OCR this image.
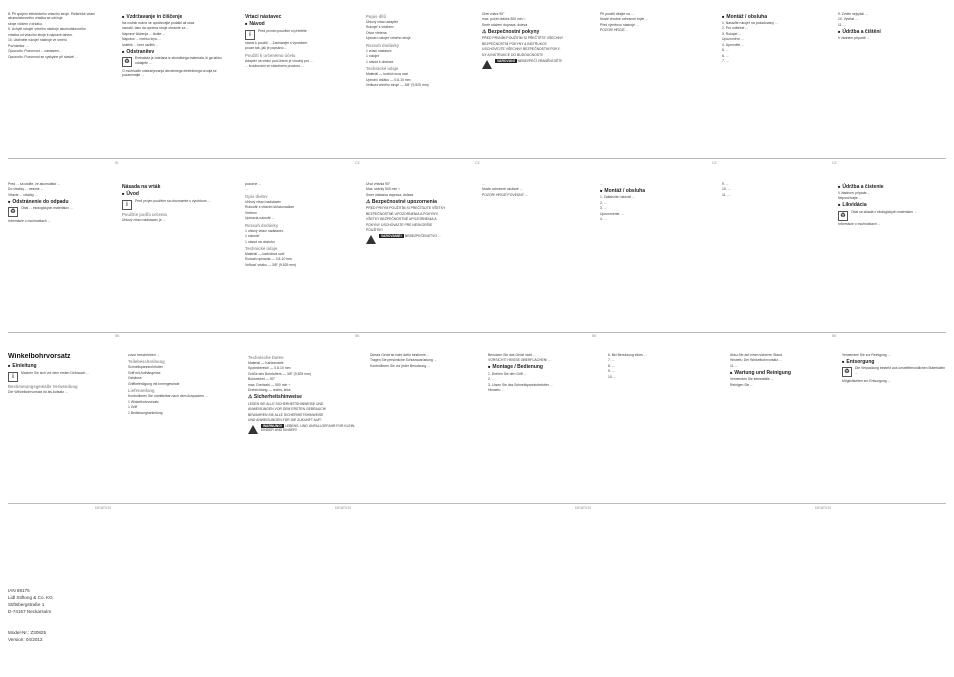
8. Při spojení elektrického vrtacího stroje. Elektrické vrtání akumulátorového vrtačka se udržuje

stroje víčkem v držáku.

9. Uchytit rukojeť vrtného nástroje akumulátorového

vrtačka od vrtacího stroje k nápravě tahem.

10. Utáhněte rukojeť nástroje ve směru

Poznámka: ...

Opozorilo: Pozornost ... nastavení...

Opozorilo: Pozornost se vyskytne při stavbě ...

■ Vzdržavanje in čiščenje

Na vodnik nožne se upoštevajte podatki ali ukaz

navodil, tako da oprema stroje ohraníte za ...

Naprave čiščenja ... čistite ...

Napravo ... mehko krpo ...

Izdelek ... brez razlitih ...

■ Odstranitev
♻

Embalaža je izdelana iz ekološkega materiala, ki ga lahko oddajete ...

O možnostih odstranjevanja iztrošenega električnega orodja se pozanimajte ...

Vrtací nástavec
■ Návod
i

Před prvním použitím si přečtěte

návod k použití ... Zacházejte s výrobkem

pouze tak, jak je popsáno ...

Použití k určenému účelu

Adaptér na vrtání pod úhlem je vhodný pro ...

... šroubování ve stísněném prostoru ...

Popis dílů

Úhlový vrtací adaptér

Rukojeť s vrtákem

Otvor vřetena

Upínací rukojeť vrtného stroje

Rozsah dodávky

1 vrtací nástavec

1 rukojeť

1 návod k obsluze

Technické údaje

Materiál — korbid nová ocel

Upínání držáku — 0,8-10 mm

Velikost vrtného stroje — 3/8" (9,525 mm)

Úhel vrtání 90°

max. počet otáček 500 min⁻¹

Směr otáčení doprava, doleva

⚠ Bezpečnostní pokyny

PŘED PRVNÍM POUŽITÍM SI PŘEČTĚTE VŠECHNY

BEZPEČNOSTNÍ POKYNY A INSTRUKCE

USCHOVEJTE VŠECHNY BEZPEČNOSTNÍ POKY-

NY A INSTRUKCE DO BUDOUCNOSTI!

VAROVÁNÍ NEBEZPEČÍ ZRANĚNÍ DĚTÍ!

Při použití dbejte na ...

Noste vhodné ochranné brýle ...

Před výměnou nástroje ...

POZOR! HROZÍ ...

■ Montáž / obsluha

1. Nasaďte rukojeť na požadovaný ...

2. Pro volitelné ...

3. Rukojeť ...

Upozornění: ...

4. Upevněte ...

5. ...

6. ...

7. ...

9. Zvolte nejvyšší ...

10. Vyvrtat ...

11. ...

■ Údržba a čištění

V žádném případě ...

SI	CZ	CZ	CZ	CZ

Pred ... sa uistite, že akumulátor ...

Do vŕtačky ... nesmie ...

Vŕtacie ... vrtačky ...

■ Odstránenie do odpadu
♻

Obal ... ekologických materiálov ...

Informácie o možnostiach ...

Násada na vrták
■ Úvod
i

Pred prvým použitím sa oboznámte s výrobkom ...

Použitie podľa určenia

Uhlový vŕtací nadstavec je ...

pozorne ...

...

Opis dielov

Uhlový vŕtací nadstavec

Rukoväť s vŕtacím skľučovadlom

Vreteno

Upínacia rukoväť ...

Rozsah dodávky

1 uhlový vŕtací nadstavec

1 rukoväť

1 návod na obsluhu

Technické údaje

Materiál — karbidová oceľ

Rozsah upínania — 0,8-10 mm

Veľkosť vrtáku — 3/8" (9,525 mm)

Uhol vŕtania 90°

Max. otáčky 500 min⁻¹

Smer otáčania doprava, doľava

⚠ Bezpečnostné upozornenia

PRED PRVÝM POUŽITÍM SI PREČÍTAJTE VŠETKY

BEZPEČNOSTNÉ UPOZORNENIA A POKYNY!

VŠETKY BEZPEČNOSTNÉ UPOZORNENIA A

POKYNY USCHOVAJTE PRE NESKORŠIE

POUŽITIE!

VAROVANIE! NEBEZPEČENSTVO ...

...

Noste ochranné okuliare ...

POZOR! HROZÍ POVEDNÝ ...

...

■ Montáž / obsluha

1. Zatiahnite rukoväť ...

2. ...

3. ...

Upozornenie: ...

4. ...

9. ...

10. ...

11. ...

■ Údržba a čistenie

V žiadnom prípade ...

Nepoužívajte ...

■ Likvidácia
♻

Obal sa skladá z ekologických materiálov ...

Informácie o možnostiach ...

SK	SK	SK	SK
Winkelbohrvorsatz
■ Einleitung
i

Machen Sie sich vor dem ersten Gebrauch ...

Bestimmungsgemäße Verwendung

Der Winkelbohrvorsatz ist als Aufsatz ...

zuvor beschrieben ...

Teilebeschreibung

Schnellspannbohrfutter

Griff mit Aufhängeöse

Gehäuse

Griffbefestigung mit Innengewinde

Lieferumfang

Kontrollieren Sie unmittelbar nach dem Auspacken ...

1 Winkelbohrvorsatz

1 Griff

1 Bedienungsanleitung

Technische Daten

Material — Karbonstahl

Spannbereich — 0,8-10 mm

Größe des Bohrfutters — 3/8" (9,525 mm)

Bohrwinkel — 90°

max. Drehzahl — 500 min⁻¹

Drehrichtung — rechts, links

⚠ Sicherheitshinweise

LESEN SIE ALLE SICHERHEITSHINWEISE UND

ANWEISUNGEN VOR DEM ERSTEN GEBRAUCH!

BEWAHREN SIE ALLE SICHERHEITSHINWEISE

UND ANWEISUNGEN FÜR DIE ZUKUNFT AUF!

WARNUNG! LEBENS- UND UNFALLGEFAHR FÜR KLEIN- KINDER UND KINDER!

Dieses Gerät ist nicht dafür bestimmt ...

Tragen Sie persönliche Schutzausrüstung ...

Kontrollieren Sie vor jeder Benutzung ...

Benutzen Sie das Gerät nicht ...

VORSICHT! HEISSE OBERFLÄCHEN! ...

■ Montage / Bedienung

1. Drehen Sie den Griff ...

2. ...

3. Lösen Sie das Schnellspannbohrfutter ...

Hinweis: ...

6. Bei Benutzung eines ...

7. ...

8. ...

9. ...

10. ...

Akku-Sie auf einen sicheren Stand.

Hinweis: Der Winkelbohrvorsatz ...

11. ...

■ Wartung und Reinigung

Verwenden Sie keinesfalls ...

Reinigen Sie ...

Verwenden Sie zur Reinigung ...

■ Entsorgung
♻

Die Verpackung besteht aus umweltfreundlichen Materialien ...

Möglichkeiten zur Entsorgung ...

DE/AT/CH	DE/AT/CH	DE/AT/CH	DE/AT/CH
IAN 89175
Lidl Stiftung & Co. KG
Stiftsbergstraße 1
D-74167 Neckarsulm
Model-Nr.: Z30825
Version: 04/2013
